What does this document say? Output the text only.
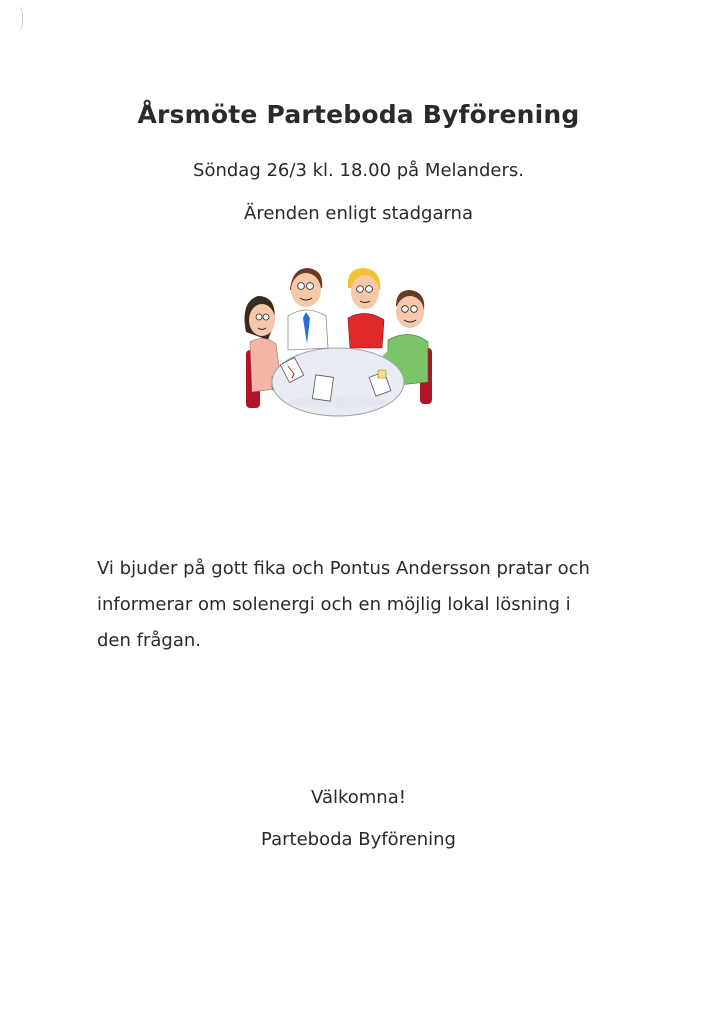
Årsmöte Parteboda Byförening
Söndag 26/3 kl. 18.00 på Melanders.
Ärenden enligt stadgarna
Vi bjuder på gott fika och Pontus Andersson pratar och
informerar om solenergi och en möjlig lokal lösning i
den frågan.
Välkomna!
Parteboda Byförening
